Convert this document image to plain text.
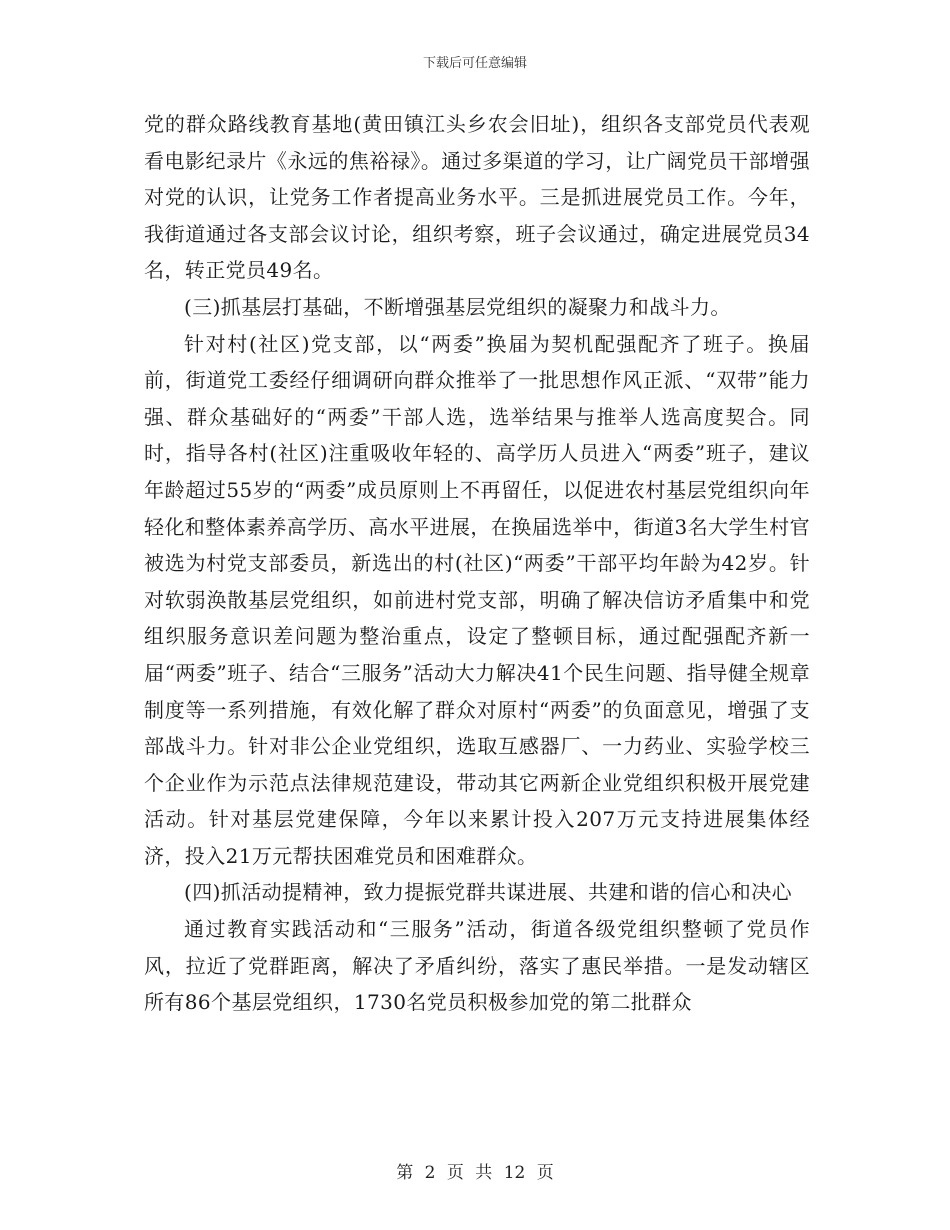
下载后可任意编辑

党的群众路线教育基地(黄田镇江头乡农会旧址)，组织各支部党员代表观看电影纪录片《永远的焦裕禄》。通过多渠道的学习，让广阔党员干部增强对党的认识，让党务工作者提高业务水平。三是抓进展党员工作。今年，我街道通过各支部会议讨论，组织考察，班子会议通过，确定进展党员34名，转正党员49名。

(三)抓基层打基础，不断增强基层党组织的凝聚力和战斗力。

针对村(社区)党支部，以“两委”换届为契机配强配齐了班子。换届前，街道党工委经仔细调研向群众推举了一批思想作风正派、“双带”能力强、群众基础好的“两委”干部人选，选举结果与推举人选高度契合。同时，指导各村(社区)注重吸收年轻的、高学历人员进入“两委”班子，建议年龄超过55岁的“两委”成员原则上不再留任，以促进农村基层党组织向年轻化和整体素养高学历、高水平进展，在换届选举中，街道3名大学生村官被选为村党支部委员，新选出的村(社区)“两委”干部平均年龄为42岁。针对软弱涣散基层党组织，如前进村党支部，明确了解决信访矛盾集中和党组织服务意识差问题为整治重点，设定了整顿目标，通过配强配齐新一届“两委”班子、结合“三服务”活动大力解决41个民生问题、指导健全规章制度等一系列措施，有效化解了群众对原村“两委”的负面意见，增强了支部战斗力。针对非公企业党组织，选取互感器厂、一力药业、实验学校三个企业作为示范点法律规范建设，带动其它两新企业党组织积极开展党建活动。针对基层党建保障，今年以来累计投入207万元支持进展集体经济，投入21万元帮扶困难党员和困难群众。

(四)抓活动提精神，致力提振党群共谋进展、共建和谐的信心和决心

通过教育实践活动和“三服务”活动，街道各级党组织整顿了党员作风，拉近了党群距离，解决了矛盾纠纷，落实了惠民举措。一是发动辖区所有86个基层党组织，1730名党员积极参加党的第二批群众

第 2 页 共 12 页
